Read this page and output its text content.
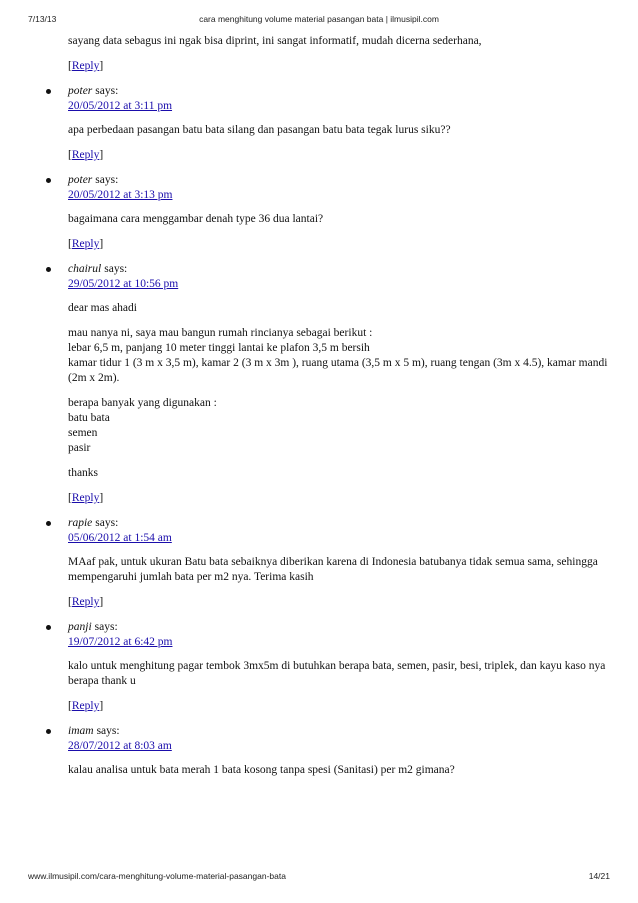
7/13/13	cara menghitung volume material pasangan bata | ilmusipil.com

sayang data sebagus ini ngak bisa diprint, ini sangat informatif, mudah dicerna sederhana,

[Reply]

poter says:
20/05/2012 at 3:11 pm

apa perbedaan pasangan batu bata silang dan pasangan batu bata tegak lurus siku??

[Reply]

poter says:
20/05/2012 at 3:13 pm

bagaimana cara menggambar denah type 36 dua lantai?

[Reply]

chairul says:
29/05/2012 at 10:56 pm

dear mas ahadi

mau nanya ni, saya mau bangun rumah rincianya sebagai berikut :
lebar 6,5 m, panjang 10 meter tinggi lantai ke plafon 3,5 m bersih
kamar tidur 1 (3 m x 3,5 m), kamar 2 (3 m x 3m ), ruang utama (3,5 m x 5 m), ruang tengan (3m x 4.5), kamar mandi (2m x 2m).

berapa banyak yang digunakan :
batu bata
semen
pasir

thanks

[Reply]

rapie says:
05/06/2012 at 1:54 am

MAaf pak, untuk ukuran Batu bata sebaiknya diberikan karena di Indonesia batubanya tidak semua sama, sehingga mempengaruhi jumlah bata per m2 nya. Terima kasih

[Reply]

panji says:
19/07/2012 at 6:42 pm

kalo untuk menghitung pagar tembok 3mx5m di butuhkan berapa bata, semen, pasir, besi, triplek, dan kayu kaso nya berapa thank u

[Reply]

imam says:
28/07/2012 at 8:03 am

kalau analisa untuk bata merah 1 bata kosong tanpa spesi (Sanitasi) per m2 gimana?

www.ilmusipil.com/cara-menghitung-volume-material-pasangan-bata	14/21
